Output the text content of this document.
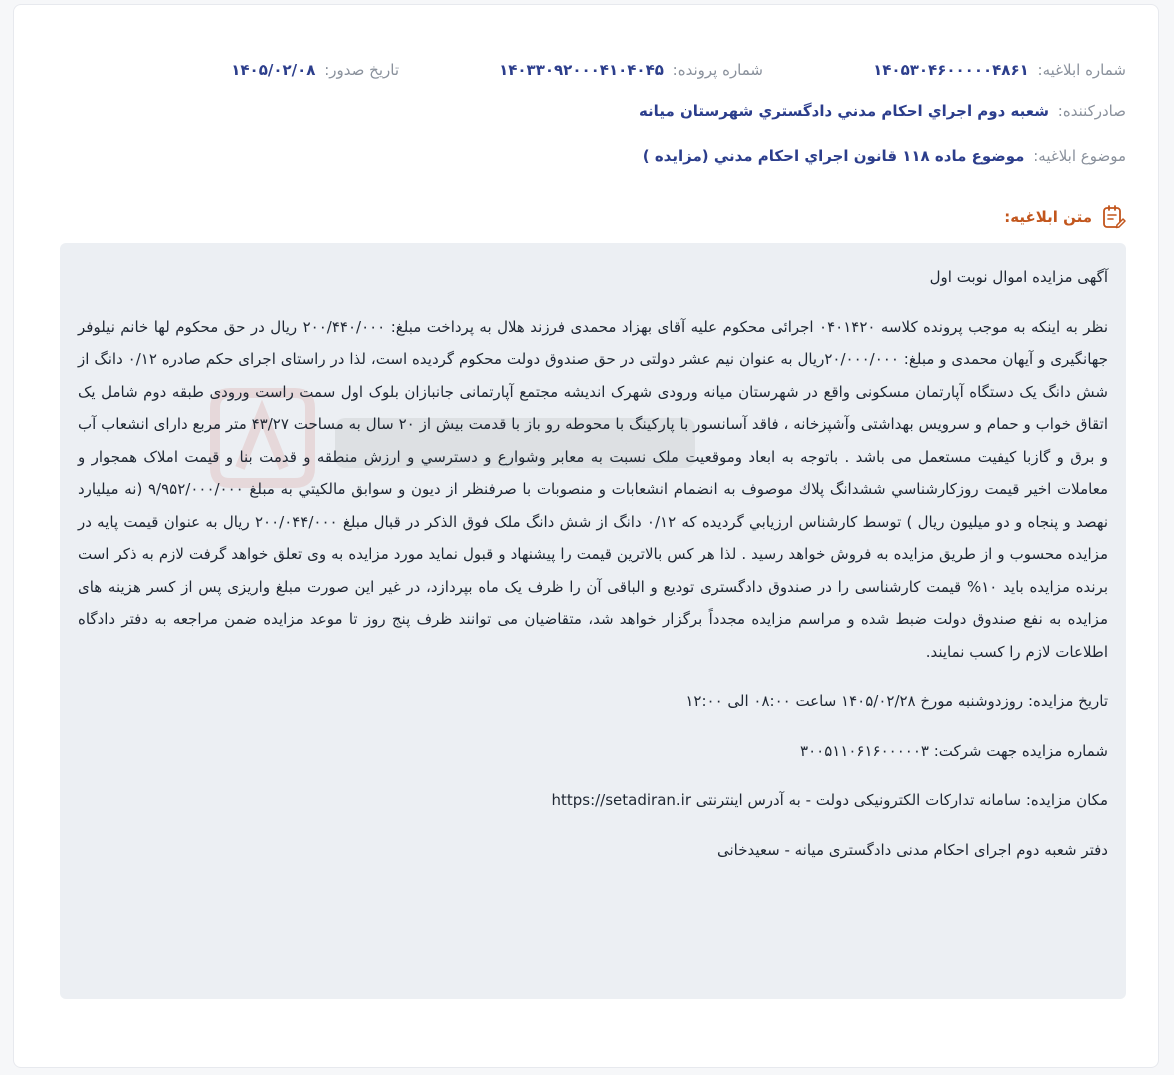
شماره ابلاغیه: ۱۴۰۵۳۰۴۶۰۰۰۰۰۴۸۶۱
شماره پرونده: ۱۴۰۳۳۰۹۲۰۰۰۴۱۰۴۰۴۵
تاریخ صدور: ۱۴۰۵/۰۲/۰۸
صادرکننده: شعبه دوم اجراي احكام مدني دادگستري شهرستان ميانه
موضوع ابلاغیه: موضوع ماده ١١٨ قانون اجراي احكام مدني (مزايده )
متن ابلاغیه:

آگهی مزایده اموال نوبت اول

نظر به اینکه به موجب پرونده کلاسه ۰۴۰۱۴۲۰ اجرائی محکوم علیه آقای بهزاد محمدی فرزند هلال به پرداخت مبلغ: ۲۰۰/۴۴۰/۰۰۰ ریال در حق محکوم لها خانم نیلوفر جهانگیری و آیهان محمدی و مبلغ: ۲۰/۰۰۰/۰۰۰ریال به عنوان نیم عشر دولتی در حق صندوق دولت محکوم گردیده است، لذا در راستای اجرای حکم صادره ۰/۱۲ دانگ از شش دانگ یک دستگاه آپارتمان مسکونی واقع در شهرستان میانه ورودی شهرک اندیشه مجتمع آپارتمانی جانبازان بلوک اول سمت راست ورودی طبقه دوم شامل یک اتقاق خواب و حمام و سرویس بهداشتی وآشپزخانه ، فاقد آسانسور با پارکینگ با محوطه رو باز با قدمت بیش از ۲۰ سال به مساحت ۴۳/۲۷ متر مربع دارای انشعاب آب و برق و گازبا کیفیت مستعمل می باشد . باتوجه به ابعاد وموقعیت ملک نسبت به معابر وشوارع و دسترسي و ارزش منطقه و قدمت بنا و قیمت املاک همجوار و معاملات اخیر قیمت روزکارشناسي ششدانگ پلاك موصوف به انضمام انشعابات و منصوبات با صرفنظر از دیون و سوابق مالكيتي به مبلغ ۹/۹۵۲/۰۰۰/۰۰۰ (نه میلیارد نهصد و پنجاه و دو میلیون ریال ) توسط كارشناس ارزيابي گردیده که ۰/۱۲ دانگ از شش دانگ ملک فوق الذکر در قبال مبلغ ۲۰۰/۰۴۴/۰۰۰ ریال به عنوان قیمت پایه در مزایده محسوب و از طریق مزایده به فروش خواهد رسید . لذا هر کس بالاترین قیمت را پیشنهاد و قبول نماید مورد مزایده به وی تعلق خواهد گرفت لازم به ذکر است برنده مزایده باید ۱۰% قیمت کارشناسی را در صندوق دادگستری تودیع و الباقی آن را ظرف یک ماه بپردازد، در غیر این صورت مبلغ واریزی پس از کسر هزینه های مزایده به نفع صندوق دولت ضبط شده و مراسم مزایده مجدداً برگزار خواهد شد، متقاضیان می توانند ظرف پنج روز تا موعد مزایده ضمن مراجعه به دفتر دادگاه اطلاعات لازم را کسب نمایند.

تاریخ مزایده: روزدوشنبه مورخ ۱۴۰۵/۰۲/۲۸ ساعت ۰۸:۰۰ الی ۱۲:۰۰

شماره مزایده جهت شرکت: ۳۰۰۵۱۱۰۶۱۶۰۰۰۰۰۳

مکان مزایده: سامانه تدارکات الکترونیکی دولت - به آدرس اینترنتی https://setadiran.ir

دفتر شعبه دوم اجرای احکام مدنی دادگستری میانه - سعیدخانی
